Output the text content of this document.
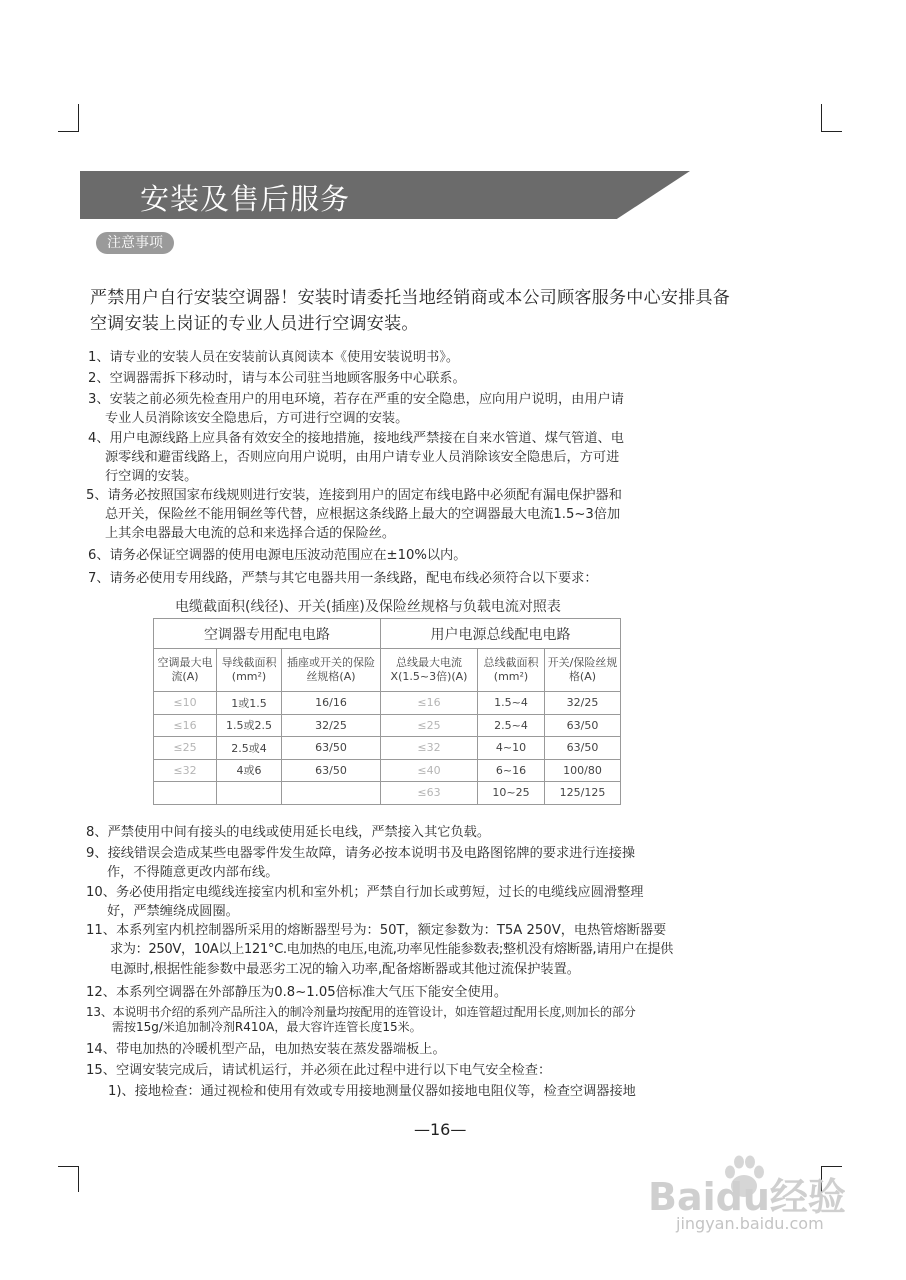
安装及售后服务
注意事项
严禁用户自行安装空调器！安装时请委托当地经销商或本公司顾客服务中心安排具备
空调安装上岗证的专业人员进行空调安装。
1、请专业的安装人员在安装前认真阅读本《使用安装说明书》。
2、空调器需拆下移动时，请与本公司驻当地顾客服务中心联系。
3、安装之前必须先检查用户的用电环境，若存在严重的安全隐患，应向用户说明，由用户请
专业人员消除该安全隐患后，方可进行空调的安装。
4、用户电源线路上应具备有效安全的接地措施，接地线严禁接在自来水管道、煤气管道、电
源零线和避雷线路上，否则应向用户说明，由用户请专业人员消除该安全隐患后，方可进
行空调的安装。
5、请务必按照国家布线规则进行安装，连接到用户的固定布线电路中必须配有漏电保护器和
总开关，保险丝不能用铜丝等代替，应根据这条线路上最大的空调器最大电流1.5~3倍加
上其余电器最大电流的总和来选择合适的保险丝。
6、请务必保证空调器的使用电源电压波动范围应在±10%以内。
7、请务必使用专用线路，严禁与其它电器共用一条线路，配电布线必须符合以下要求：
电缆截面积(线径)、开关(插座)及保险丝规格与负载电流对照表
空调器专用配电电路			用户电源总线配电电路		
空调最大电流(A)	导线截面积(mm²)	插座或开关的保险丝规格(A)	总线最大电流X(1.5~3倍)(A)	总线截面积(mm²)	开关/保险丝规格(A)
≤10	1或1.5	16/16	≤16	1.5~4	32/25
≤16	1.5或2.5	32/25	≤25	2.5~4	63/50
≤25	2.5或4	63/50	≤32	4~10	63/50
≤32	4或6	63/50	≤40	6~16	100/80
			≤63	10~25	125/125
8、严禁使用中间有接头的电线或使用延长电线，严禁接入其它负载。
9、接线错误会造成某些电器零件发生故障，请务必按本说明书及电路图铭牌的要求进行连接操
作，不得随意更改内部布线。
10、务必使用指定电缆线连接室内机和室外机；严禁自行加长或剪短，过长的电缆线应圆滑整理
好，严禁缠绕成圆圈。
11、本系列室内机控制器所采用的熔断器型号为：50T，额定参数为：T5A 250V，电热管熔断器要
求为：250V，10A以上121°C.电加热的电压,电流,功率见性能参数表;整机没有熔断器,请用户在提供
电源时,根据性能参数中最恶劣工况的输入功率,配备熔断器或其他过流保护装置。
12、本系列空调器在外部静压为0.8~1.05倍标准大气压下能安全使用。
13、本说明书介绍的系列产品所注入的制冷剂量均按配用的连管设计，如连管超过配用长度,则加长的部分
需按15g/米追加制冷剂R410A，最大容许连管长度15米。
14、带电加热的冷暖机型产品，电加热安装在蒸发器端板上。
15、空调安装完成后，请试机运行，并必须在此过程中进行以下电气安全检查：
1)、接地检查：通过视检和使用有效或专用接地测量仪器如接地电阻仪等，检查空调器接地
—16—
Baidu经验
jingyan.baidu.com
